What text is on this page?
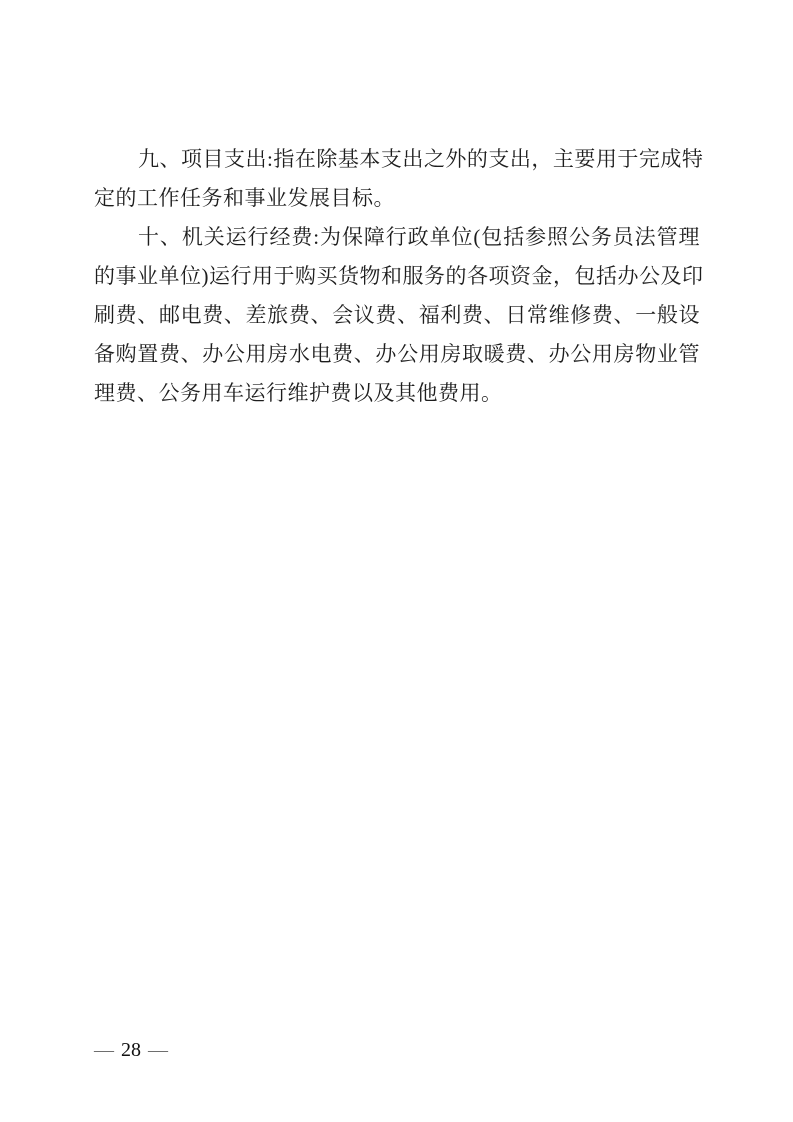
九、项目支出:指在除基本支出之外的支出，主要用于完成特
定的工作任务和事业发展目标。
十、机关运行经费:为保障行政单位(包括参照公务员法管理
的事业单位)运行用于购买货物和服务的各项资金，包括办公及印
刷费、邮电费、差旅费、会议费、福利费、日常维修费、一般设
备购置费、办公用房水电费、办公用房取暖费、办公用房物业管
理费、公务用车运行维护费以及其他费用。
— 28 —
